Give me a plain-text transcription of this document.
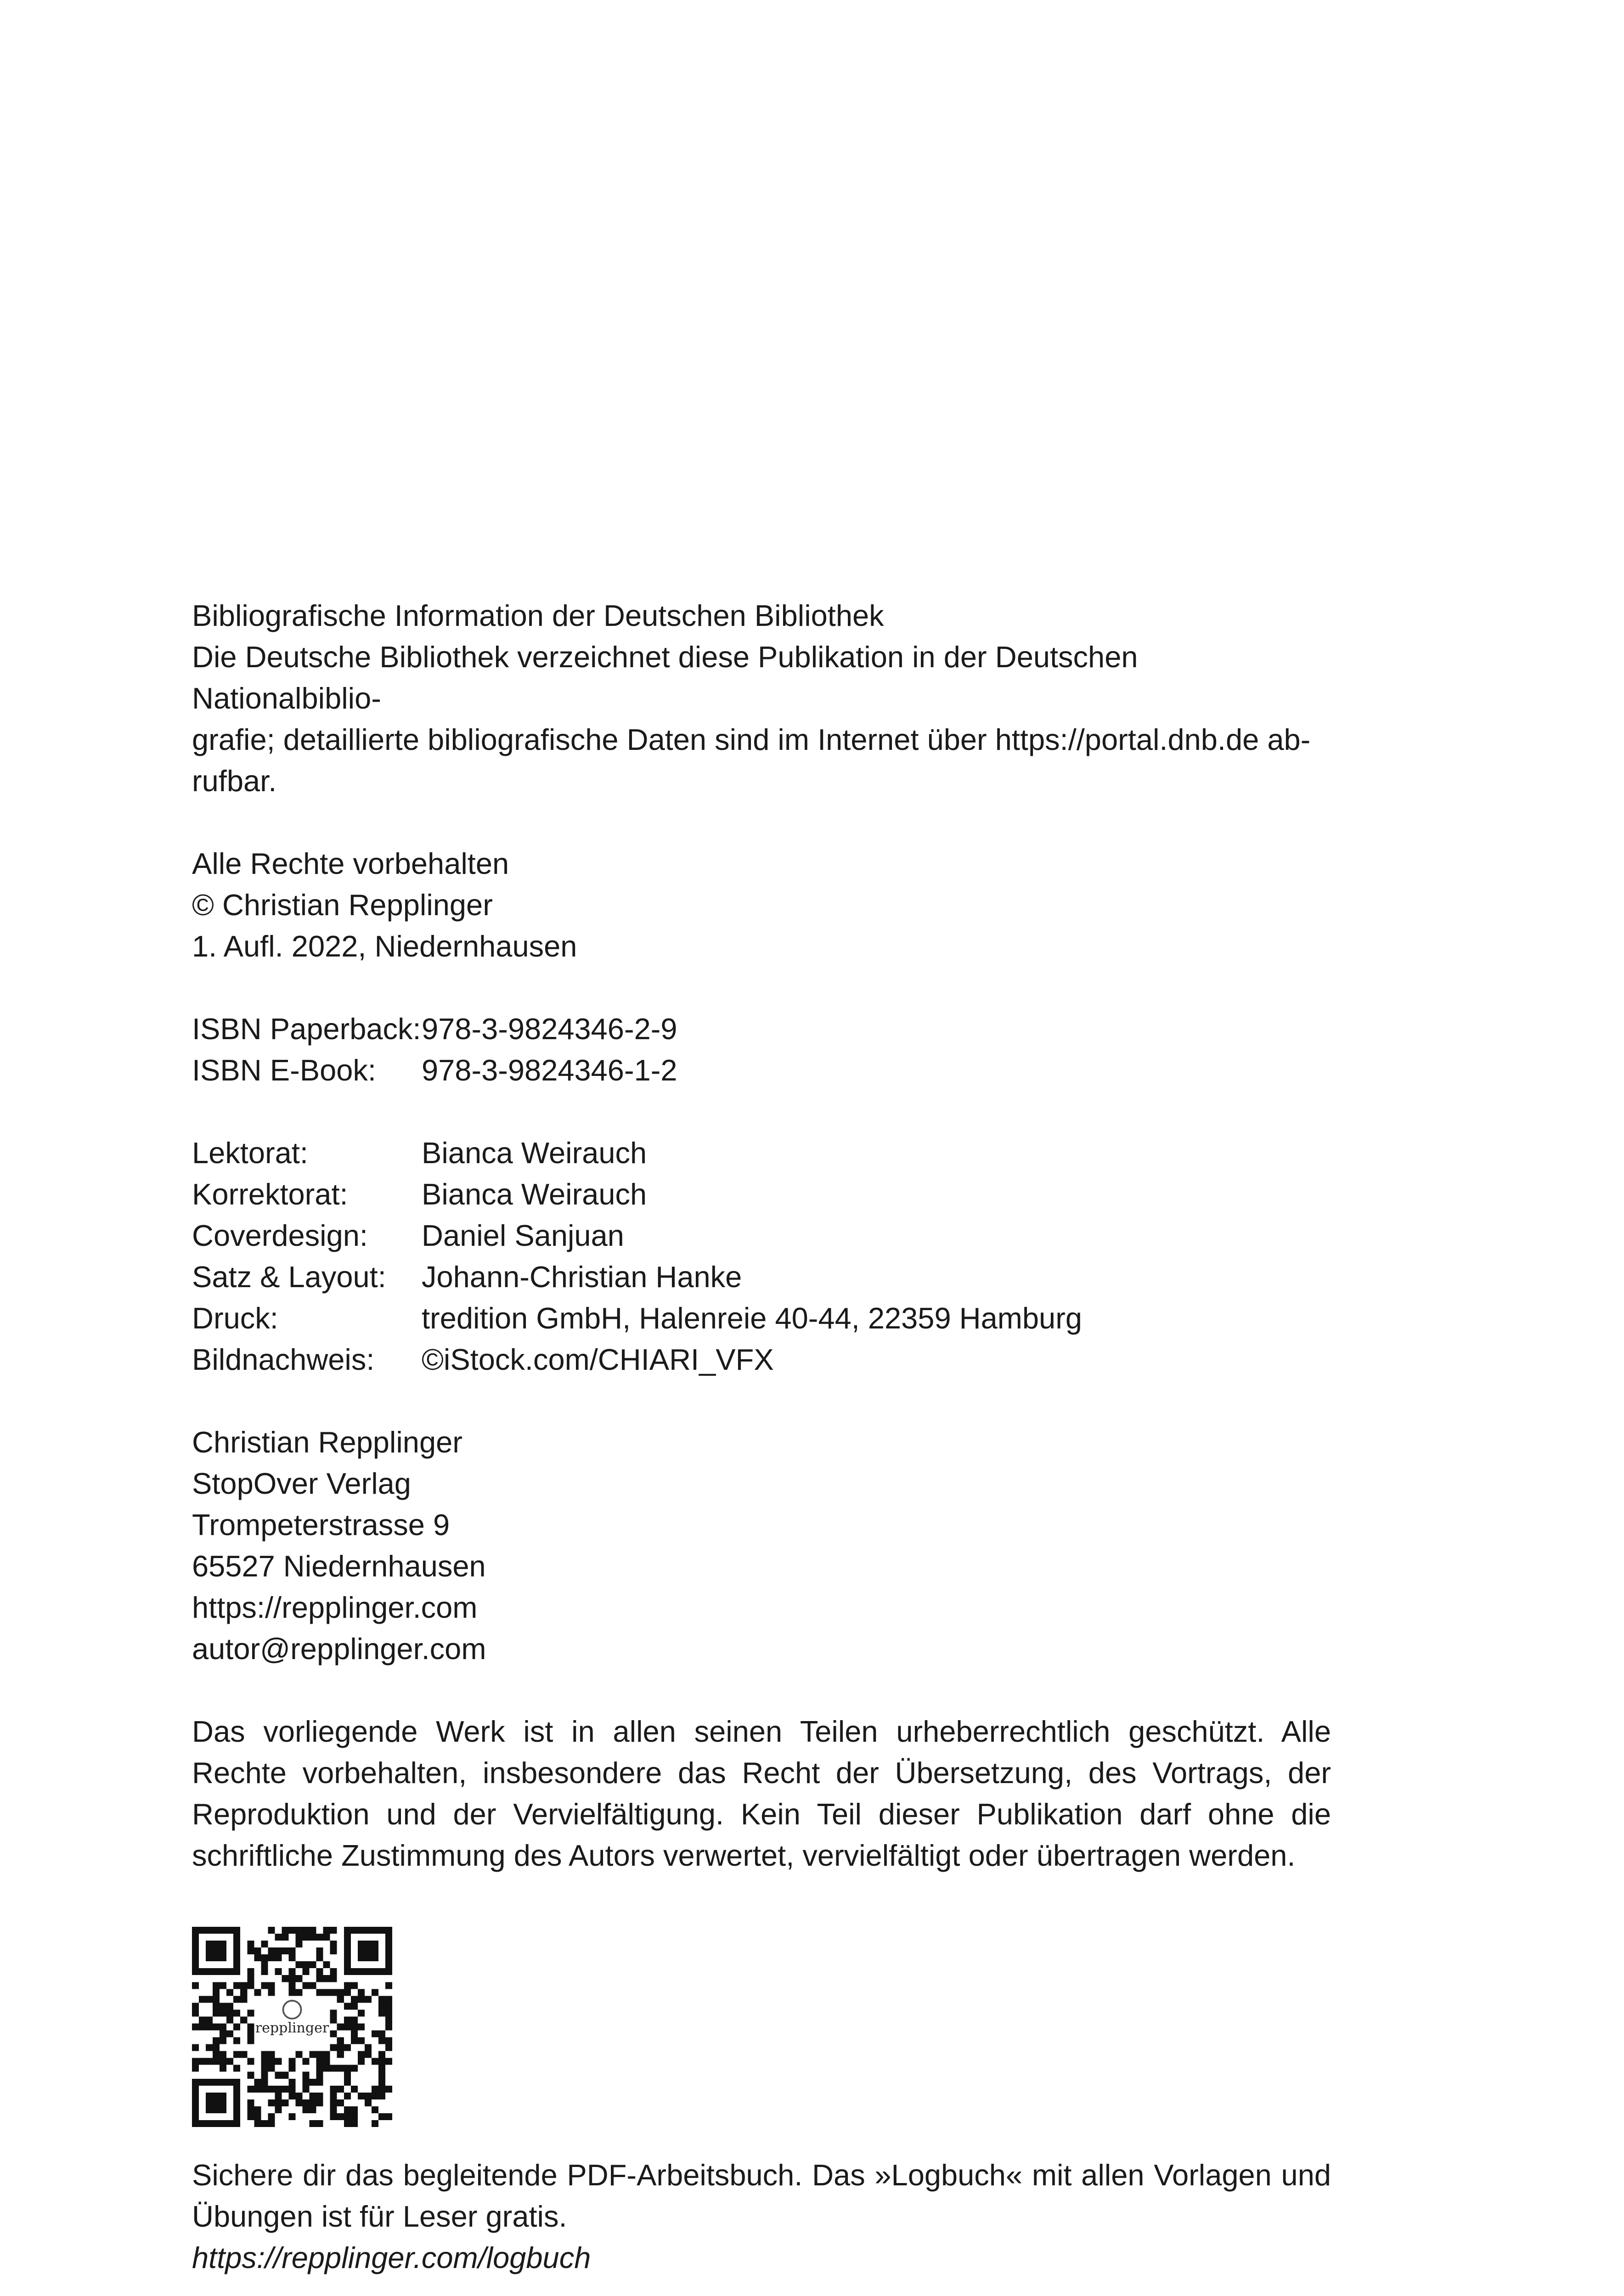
Bibliografische Information der Deutschen Bibliothek

Die Deutsche Bibliothek verzeichnet diese Publikation in der Deutschen Nationalbiblio-

grafie; detaillierte bibliografische Daten sind im Internet über https://portal.dnb.de ab-

rufbar.

Alle Rechte vorbehalten

© Christian Repplinger

1. Aufl. 2022, Niedernhausen

ISBN Paperback: 978-3-9824346-2-9
ISBN E-Book:	978-3-9824346-1-2
Lektorat:	Bianca Weirauch
Korrektorat:	Bianca Weirauch
Coverdesign:	Daniel Sanjuan
Satz & Layout:	Johann-Christian Hanke
Druck:	tredition GmbH, Halenreie 40-44, 22359 Hamburg
Bildnachweis:	©iStock.com/CHIARI_VFX

Christian Repplinger

StopOver Verlag

Trompeterstrasse 9

65527 Niedernhausen

https://repplinger.com

autor@repplinger.com

Das vorliegende Werk ist in allen seinen Teilen urheberrechtlich geschützt. Alle Rechte vorbehalten, insbesondere das Recht der Übersetzung, des Vortrags, der Reproduktion und der Vervielfältigung. Kein Teil dieser Publikation darf ohne die schriftliche Zustimmung des Autors verwertet, vervielfältigt oder übertragen werden.

repplinger

Sichere dir das begleitende PDF-Arbeitsbuch. Das »Logbuch« mit allen Vorlagen und Übungen ist für Leser gratis.

https://repplinger.com/logbuch
